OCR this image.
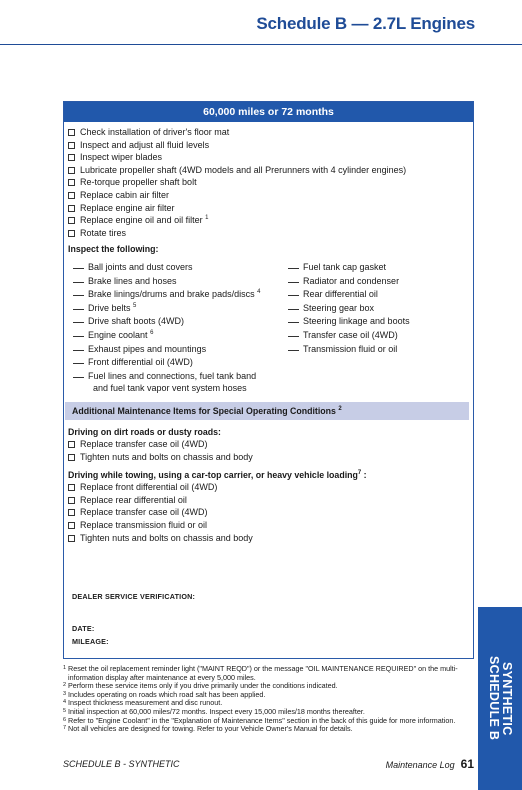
Schedule B — 2.7L Engines
60,000 miles or 72 months
Check installation of driver's floor mat
Inspect and adjust all fluid levels
Inspect wiper blades
Lubricate propeller shaft (4WD models and all Prerunners with 4 cylinder engines)
Re-torque propeller shaft bolt
Replace cabin air filter
Replace engine air filter
Replace engine oil and oil filter $^1$
Rotate tires
Inspect the following:
Ball joints and dust covers
Brake lines and hoses
Brake linings/drums and brake pads/discs $^4$
Drive belts $^5$
Drive shaft boots (4WD)
Engine coolant $^6$
Exhaust pipes and mountings
Front differential oil (4WD)
Fuel lines and connections, fuel tank band
and fuel tank vapor vent system hoses
Fuel tank cap gasket
Radiator and condenser
Rear differential oil
Steering gear box
Steering linkage and boots
Transfer case oil (4WD)
Transmission fluid or oil
Additional Maintenance Items for Special Operating Conditions $^2$
Driving on dirt roads or dusty roads:
Replace transfer case oil (4WD)
Tighten nuts and bolts on chassis and body
Driving while towing, using a car-top carrier, or heavy vehicle loading$^7$ :
Replace front differential oil (4WD)
Replace rear differential oil
Replace transfer case oil (4WD)
Replace transmission fluid or oil
Tighten nuts and bolts on chassis and body
DEALER SERVICE VERIFICATION:
DATE:
MILEAGE:
1 Reset the oil replacement reminder light ("MAINT REQD") or the message "OIL MAINTENANCE REQUIRED" on the multi-information display after maintenance at every 5,000 miles.
2 Perform these service items only if you drive primarily under the conditions indicated.
3 Includes operating on roads which road salt has been applied.
4 Inspect thickness measurement and disc runout.
5 Initial inspection at 60,000 miles/72 months. Inspect every 15,000 miles/18 months thereafter.
6 Refer to "Engine Coolant" in the "Explanation of Maintenance Items" section in the back of this guide for more information.
7 Not all vehicles are designed for towing. Refer to your Vehicle Owner's Manual for details.
SCHEDULE B - SYNTHETIC	Maintenance Log 61
SCHEDULE B SYNTHETIC
